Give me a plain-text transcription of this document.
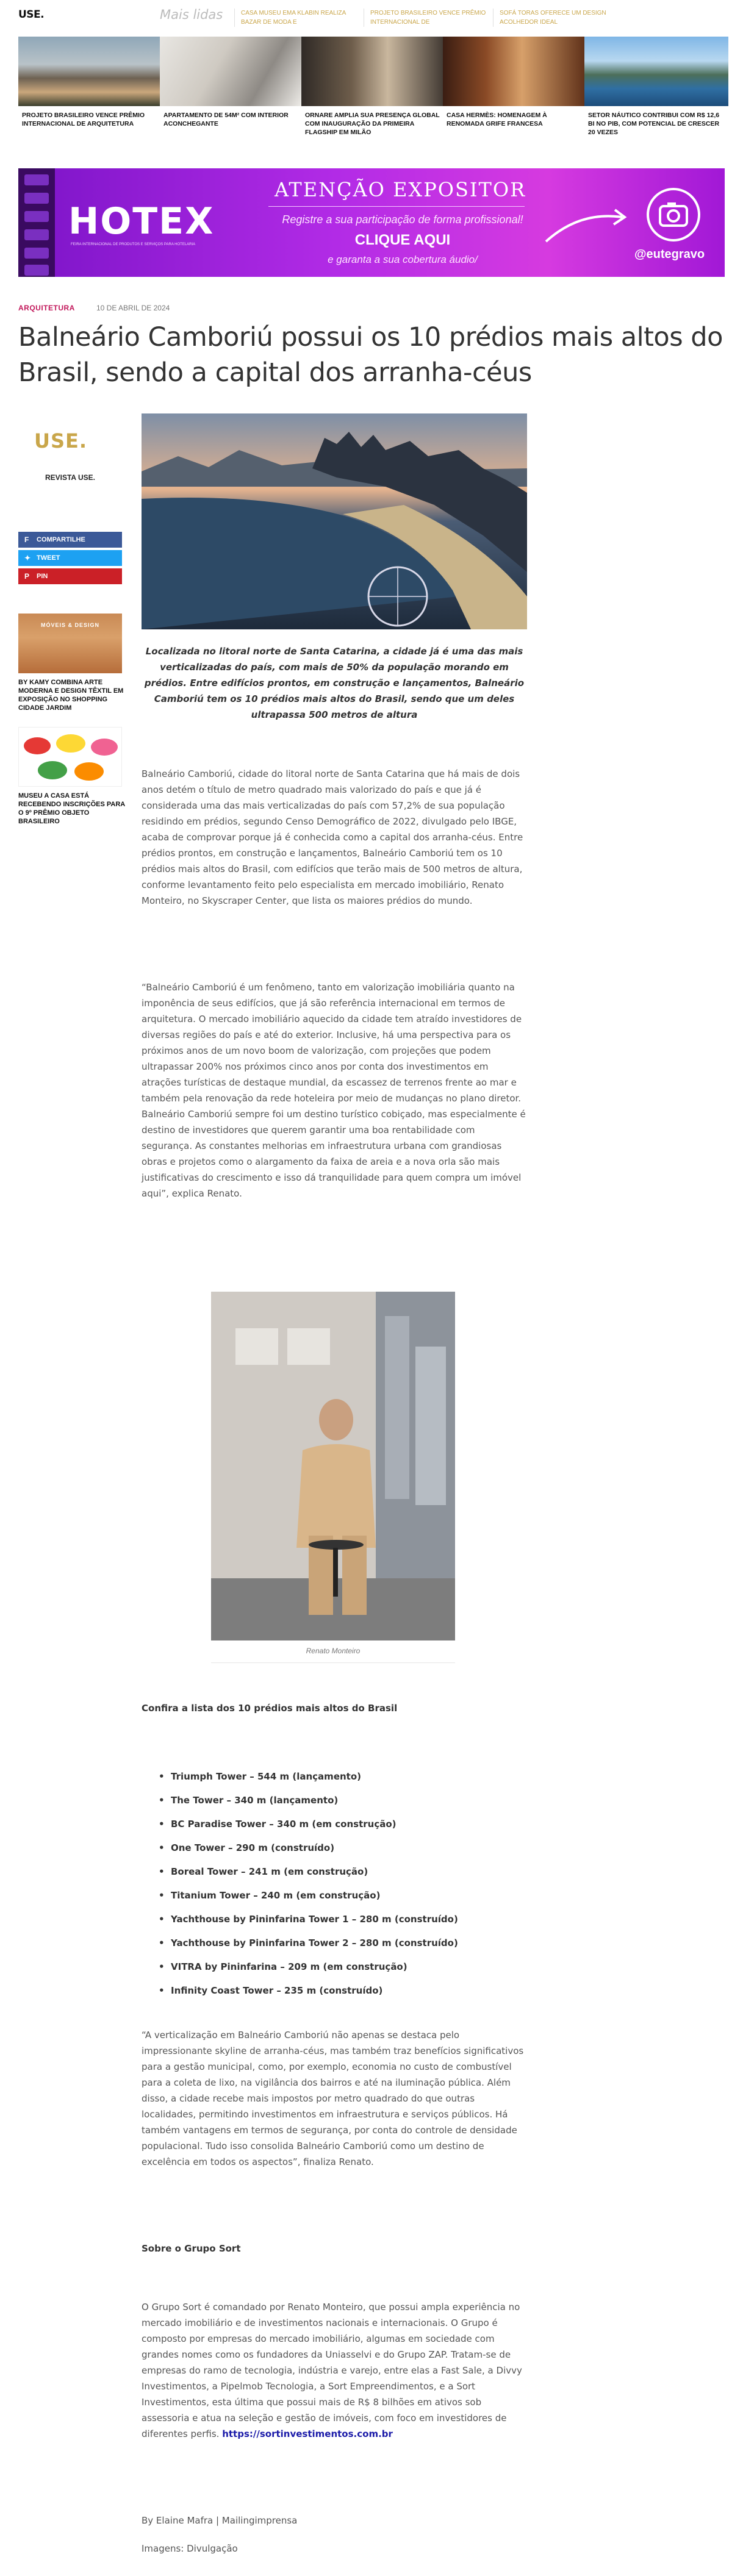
USE.	Mais lidas	CASA MUSEU EMA KLABIN REALIZA BAZAR DE MODA E
PROJETO BRASILEIRO VENCE PRÊMIO INTERNACIONAL DE
SOFÁ TORAS OFERECE UM DESIGN ACOLHEDOR IDEAL
PROJETO BRASILEIRO VENCE PRÊMIO INTERNACIONAL DE ARQUITETURA
APARTAMENTO DE 54M² COM INTERIOR ACONCHEGANTE
ORNARE AMPLIA SUA PRESENÇA GLOBAL COM INAUGURAÇÃO DA PRIMEIRA FLAGSHIP EM MILÃO
CASA HERMÈS: HOMENAGEM À RENOMADA GRIFE FRANCESA
SETOR NÁUTICO CONTRIBUI COM R$ 12,6 BI NO PIB, COM POTENCIAL DE CRESCER 20 VEZES
HOTEX
FEIRA INTERNACIONAL DE PRODUTOS E SERVIÇOS PARA HOTELARIA
ATENÇÃO EXPOSITOR
Registre a sua participação de forma profissional!
CLIQUE AQUI
e garanta a sua cobertura áudio/	@eutegravo
ARQUITETURA	10 DE ABRIL DE 2024
Balneário Camboriú possui os 10 prédios mais altos do Brasil, sendo a capital dos arranha-céus
USE.
REVISTA USE.
F COMPARTILHE
✦ TWEET
P PIN
MÓVEIS & DESIGN
BY KAMY COMBINA ARTE MODERNA E DESIGN TÊXTIL EM EXPOSIÇÃO NO SHOPPING CIDADE JARDIM
MUSEU A CASA ESTÁ RECEBENDO INSCRIÇÕES PARA O 9º PRÊMIO OBJETO BRASILEIRO
Localizada no litoral norte de Santa Catarina, a cidade já é uma das mais verticalizadas do país, com mais de 50% da população morando em prédios. Entre edifícios prontos, em construção e lançamentos, Balneário Camboriú tem os 10 prédios mais altos do Brasil, sendo que um deles ultrapassa 500 metros de altura

Balneário Camboriú, cidade do litoral norte de Santa Catarina que há mais de dois anos detém o título de metro quadrado mais valorizado do país e que já é considerada uma das mais verticalizadas do país com 57,2% de sua população residindo em prédios, segundo Censo Demográfico de 2022, divulgado pelo IBGE, acaba de comprovar porque já é conhecida como a capital dos arranha-céus. Entre prédios prontos, em construção e lançamentos, Balneário Camboriú tem os 10 prédios mais altos do Brasil, com edifícios que terão mais de 500 metros de altura, conforme levantamento feito pelo especialista em mercado imobiliário, Renato Monteiro, no Skyscraper Center, que lista os maiores prédios do mundo.

“Balneário Camboriú é um fenômeno, tanto em valorização imobiliária quanto na imponência de seus edifícios, que já são referência internacional em termos de arquitetura. O mercado imobiliário aquecido da cidade tem atraído investidores de diversas regiões do país e até do exterior. Inclusive, há uma perspectiva para os próximos anos de um novo boom de valorização, com projeções que podem ultrapassar 200% nos próximos cinco anos por conta dos investimentos em atrações turísticas de destaque mundial, da escassez de terrenos frente ao mar e também pela renovação da rede hoteleira por meio de mudanças no plano diretor. Balneário Camboriú sempre foi um destino turístico cobiçado, mas especialmente é destino de investidores que querem garantir uma boa rentabilidade com segurança. As constantes melhorias em infraestrutura urbana com grandiosas obras e projetos como o alargamento da faixa de areia e a nova orla são mais justificativas do crescimento e isso dá tranquilidade para quem compra um imóvel aqui”, explica Renato.

Renato Monteiro
Confira a lista dos 10 prédios mais altos do Brasil
• Triumph Tower – 544 m (lançamento)
• The Tower – 340 m (lançamento)
• BC Paradise Tower – 340 m (em construção)
• One Tower – 290 m (construído)
• Boreal Tower – 241 m (em construção)
• Titanium Tower – 240 m (em construção)
• Yachthouse by Pininfarina Tower 1 – 280 m (construído)
• Yachthouse by Pininfarina Tower 2 – 280 m (construído)
• VITRA by Pininfarina – 209 m (em construção)
• Infinity Coast Tower – 235 m (construído)

“A verticalização em Balneário Camboriú não apenas se destaca pelo impressionante skyline de arranha-céus, mas também traz benefícios significativos para a gestão municipal, como, por exemplo, economia no custo de combustível para a coleta de lixo, na vigilância dos bairros e até na iluminação pública. Além disso, a cidade recebe mais impostos por metro quadrado do que outras localidades, permitindo investimentos em infraestrutura e serviços públicos. Há também vantagens em termos de segurança, por conta do controle de densidade populacional. Tudo isso consolida Balneário Camboriú como um destino de excelência em todos os aspectos”, finaliza Renato.

Sobre o Grupo Sort
O Grupo Sort é comandado por Renato Monteiro, que possui ampla experiência no mercado imobiliário e de investimentos nacionais e internacionais. O Grupo é composto por empresas do mercado imobiliário, algumas em sociedade com grandes nomes como os fundadores da Uniasselvi e do Grupo ZAP. Tratam-se de empresas do ramo de tecnologia, indústria e varejo, entre elas a Fast Sale, a Divvy Investimentos, a Pipelmob Tecnologia, a Sort Empreendimentos, e a Sort Investimentos, esta última que possui mais de R$ 8 bilhões em ativos sob assessoria e atua na seleção e gestão de imóveis, com foco em investidores de diferentes perfis. https://sortinvestimentos.com.br
By Elaine Mafra | Mailingimprensa
Imagens: Divulgação
